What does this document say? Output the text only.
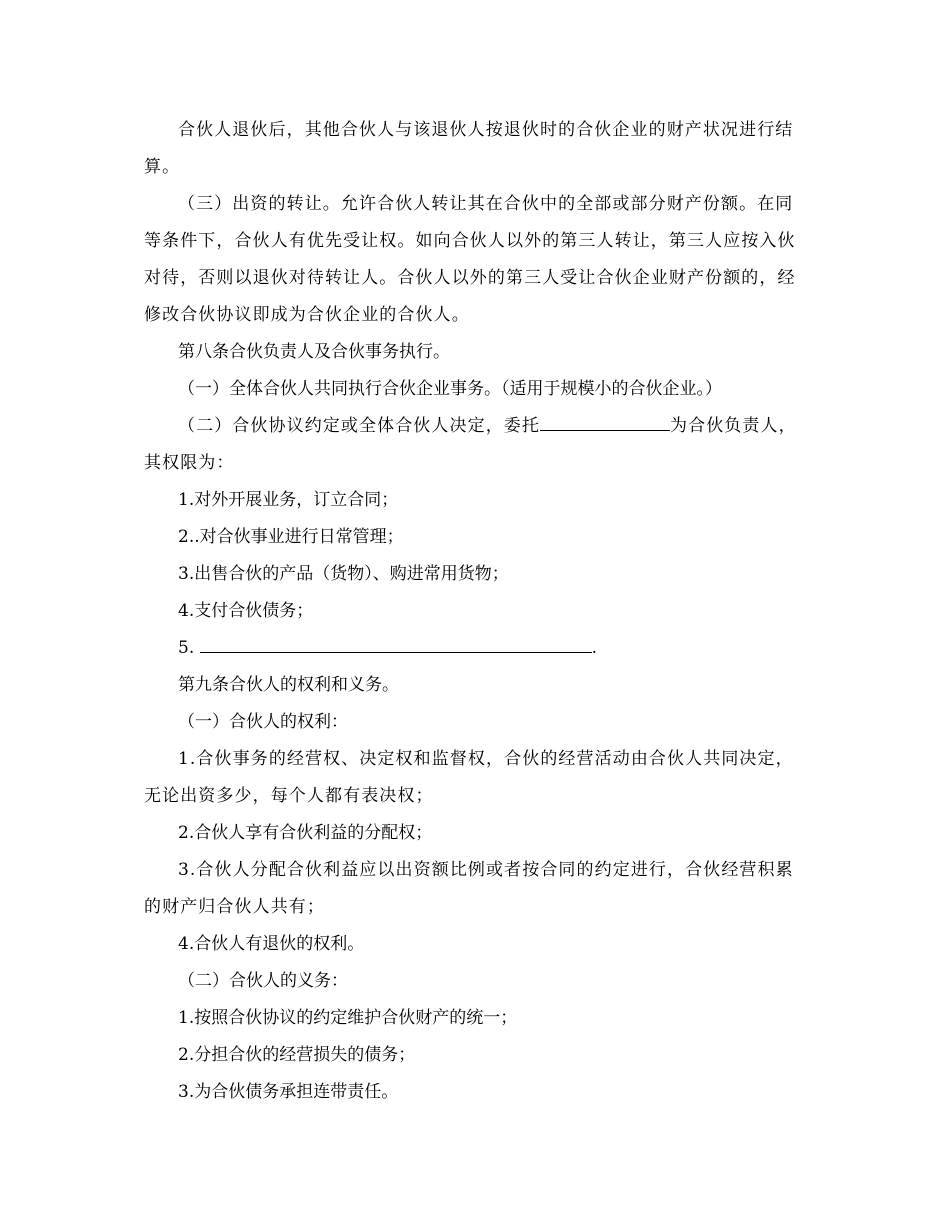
合伙人退伙后，其他合伙人与该退伙人按退伙时的合伙企业的财产状况进行结算。

（三）出资的转让。允许合伙人转让其在合伙中的全部或部分财产份额。在同等条件下，合伙人有优先受让权。如向合伙人以外的第三人转让，第三人应按入伙对待，否则以退伙对待转让人。合伙人以外的第三人受让合伙企业财产份额的，经修改合伙协议即成为合伙企业的合伙人。

第八条合伙负责人及合伙事务执行。

（一）全体合伙人共同执行合伙企业事务。（适用于规模小的合伙企业。）

（二）合伙协议约定或全体合伙人决定，委托	为合伙负责人，其权限为：

1.对外开展业务，订立合同；

2..对合伙事业进行日常管理；

3.出售合伙的产品（货物）、购进常用货物；

4.支付合伙债务；

5.	.

第九条合伙人的权利和义务。

（一）合伙人的权利：

1.合伙事务的经营权、决定权和监督权，合伙的经营活动由合伙人共同决定，无论出资多少，每个人都有表决权；

2.合伙人享有合伙利益的分配权；

3.合伙人分配合伙利益应以出资额比例或者按合同的约定进行，合伙经营积累的财产归合伙人共有；

4.合伙人有退伙的权利。

（二）合伙人的义务：

1.按照合伙协议的约定维护合伙财产的统一；

2.分担合伙的经营损失的债务；

3.为合伙债务承担连带责任。
